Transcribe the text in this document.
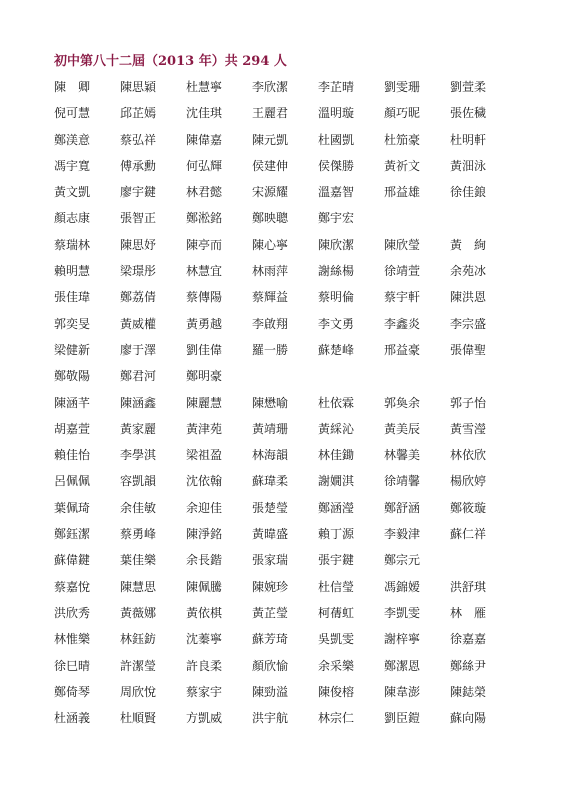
初中第八十二屆（2013 年）共 294 人
陳　卿	陳思穎	杜慧寧	李欣潔	李芷晴	劉雯珊	劉萱柔
倪可慧	邱芷嫣	沈佳琪	王麗君	溫明璇	顏巧昵	張佐穢
鄭渼意	蔡弘祥	陳偉嘉	陳元凱	杜國凱	杜笳豪	杜明軒
馮宇寬	傅承勳	何弘輝	侯建伸	侯傑勝	黃祈文	黃沺泳
黃文凱	廖宇鍵	林君懿	宋源耀	溫嘉智	邢益雄	徐佳鋃
顏志康	張智正	鄭淞銘	鄭映聰	鄭宇宏
蔡瑞林	陳思妤	陳亭而	陳心寧	陳欣潔	陳欣瑩	黃　絢
賴明慧	梁璟彤	林慧宜	林雨萍	謝絲楊	徐靖萱	余苑冰
張佳瑋	鄭荔倩	蔡傳陽	蔡輝益	蔡明倫	蔡宇軒	陳洪恩
郭奕旻	黃威權	黃勇越	李啟翔	李文勇	李鑫炎	李宗盛
梁健新	廖于澤	劉佳偉	羅一勝	蘇楚峰	邢益豪	張偉聖
鄭敬陽	鄭君河	鄭明豪
陳涵芊	陳涵鑫	陳麗慧	陳懋喻	杜依霖	郭奐余	郭子怡
胡嘉萱	黃家麗	黃津苑	黃靖珊	黃綵沁	黃美辰	黃雪瀅
賴佳怡	李學淇	梁祖盈	林海韻	林佳鋤	林馨美	林依欣
呂佩佩	容凱韻	沈依翰	蘇瑋柔	謝嫺淇	徐靖馨	楊欣婷
葉佩琦	余佳敏	余迎佳	張楚瑩	鄭涵瀅	鄭舒涵	鄭筱璇
鄭鈺潔	蔡勇峰	陳淨銘	黃暐盛	賴丁源	李毅津	蘇仁祥
蘇偉鍵	葉佳樂	余長鍇	張家瑞	張宇鍵	鄭宗元
蔡嘉悅	陳慧思	陳佩騰	陳婉珍	杜信瑩	馮錦嫒	洪舒琪
洪欣秀	黃薇娜	黃依棋	黃芷瑩	柯蒨虹	李凱雯	林　雁
林惟樂	林鈺鈁	沈蓁寧	蘇芳琦	吳凱雯	謝梓寧	徐嘉嘉
徐巳晴	許潔瑩	許良柔	顏欣愉	余采樂	鄭潔恩	鄭絲尹
鄭倚琴	周欣悅	蔡家宇	陳勁溢	陳俊榕	陳韋澎	陳鋕榮
杜涵義	杜順賢	方凱威	洪宇航	林宗仁	劉臣鎧	蘇向陽
